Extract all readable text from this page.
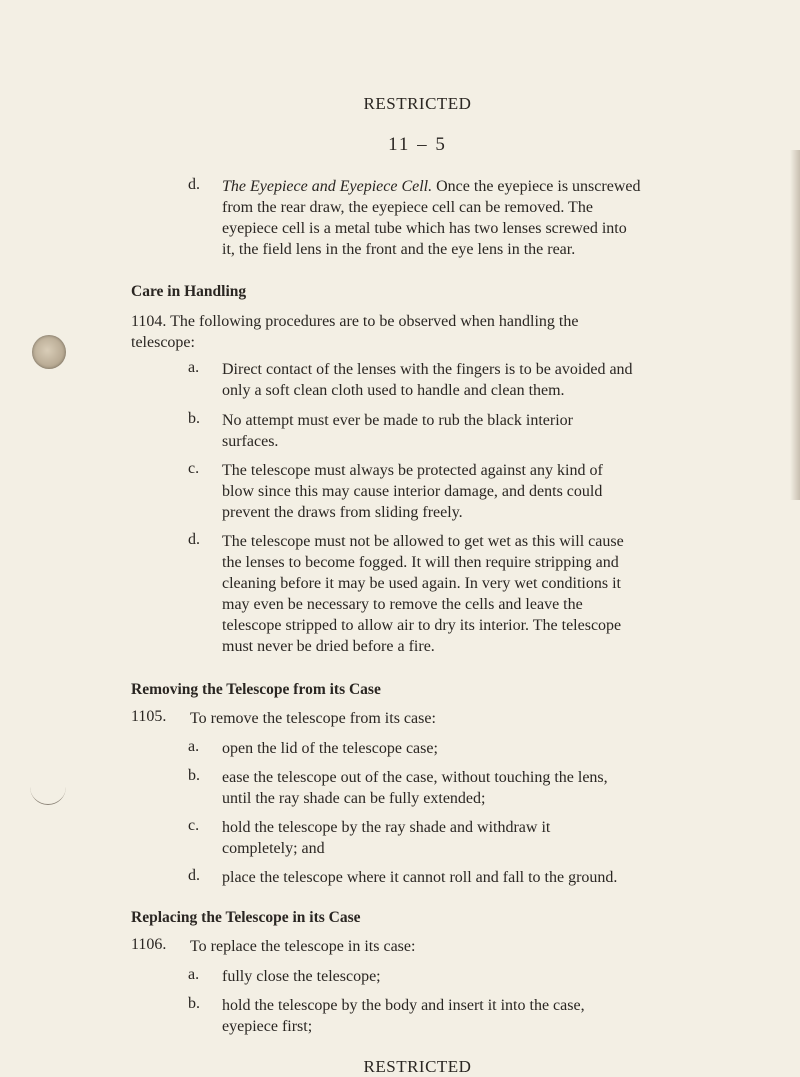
RESTRICTED
11 – 5
d. The Eyepiece and Eyepiece Cell. Once the eyepiece is unscrewed
from the rear draw, the eyepiece cell can be removed. The
eyepiece cell is a metal tube which has two lenses screwed into
it, the field lens in the front and the eye lens in the rear.
Care in Handling
1104. The following procedures are to be observed when handling the
telescope:
a. Direct contact of the lenses with the fingers is to be avoided and
only a soft clean cloth used to handle and clean them.
b. No attempt must ever be made to rub the black interior
surfaces.
c. The telescope must always be protected against any kind of
blow since this may cause interior damage, and dents could
prevent the draws from sliding freely.
d. The telescope must not be allowed to get wet as this will cause
the lenses to become fogged. It will then require stripping and
cleaning before it may be used again. In very wet conditions it
may even be necessary to remove the cells and leave the
telescope stripped to allow air to dry its interior. The telescope
must never be dried before a fire.
Removing the Telescope from its Case
1105. To remove the telescope from its case:
a. open the lid of the telescope case;
b. ease the telescope out of the case, without touching the lens,
until the ray shade can be fully extended;
c. hold the telescope by the ray shade and withdraw it
completely; and
d. place the telescope where it cannot roll and fall to the ground.
Replacing the Telescope in its Case
1106. To replace the telescope in its case:
a. fully close the telescope;
b. hold the telescope by the body and insert it into the case,
eyepiece first;
RESTRICTED
